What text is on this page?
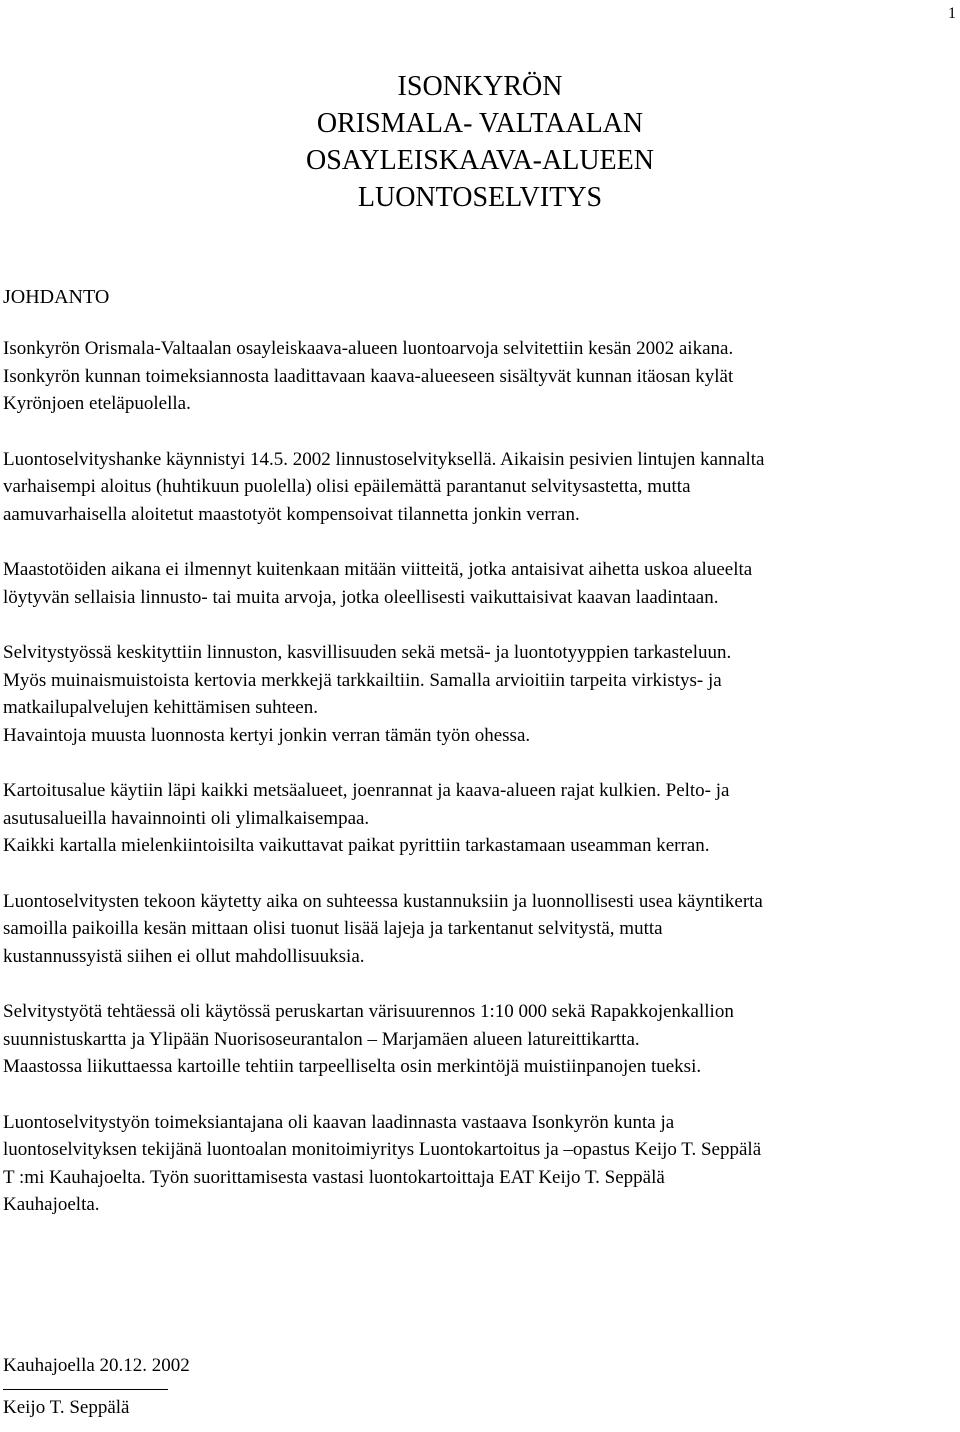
1
ISONKYRÖN
ORISMALA- VALTAALAN
OSAYLEISKAAVA-ALUEEN
LUONTOSELVITYS
JOHDANTO
Isonkyrön Orismala-Valtaalan osayleiskaava-alueen luontoarvoja selvitettiin kesän 2002 aikana.
Isonkyrön kunnan toimeksiannosta laadittavaan kaava-alueeseen sisältyvät kunnan itäosan kylät
Kyrönjoen eteläpuolella.
Luontoselvityshanke käynnistyi 14.5. 2002 linnustoselvityksellä. Aikaisin pesivien lintujen kannalta
varhaisempi aloitus (huhtikuun puolella) olisi epäilemättä parantanut selvitysastetta, mutta
aamuvarhaisella aloitetut maastotyöt kompensoivat tilannetta jonkin verran.
Maastotöiden aikana ei ilmennyt kuitenkaan mitään viitteitä, jotka antaisivat aihetta uskoa alueelta
löytyvän sellaisia linnusto- tai muita arvoja, jotka oleellisesti vaikuttaisivat kaavan laadintaan.
Selvitystyössä keskityttiin linnuston, kasvillisuuden sekä metsä- ja luontotyyppien tarkasteluun.
Myös muinaismuistoista kertovia merkkejä tarkkailtiin. Samalla arvioitiin tarpeita virkistys- ja
matkailupalvelujen kehittämisen suhteen.
Havaintoja muusta luonnosta kertyi jonkin verran tämän työn ohessa.
Kartoitusalue käytiin läpi kaikki metsäalueet, joenrannat ja kaava-alueen rajat kulkien. Pelto- ja
asutusalueilla havainnointi oli ylimalkaisempaa.
Kaikki kartalla mielenkiintoisilta vaikuttavat paikat pyrittiin tarkastamaan useamman kerran.
Luontoselvitysten tekoon käytetty aika on suhteessa kustannuksiin ja luonnollisesti usea käyntikerta
samoilla paikoilla kesän mittaan olisi tuonut lisää lajeja ja tarkentanut selvitystä, mutta
kustannussyistä siihen ei ollut mahdollisuuksia.
Selvitystyötä tehtäessä oli käytössä peruskartan värisuurennos 1:10 000 sekä Rapakkojenkallion
suunnistuskartta ja Ylipään Nuorisoseurantalon – Marjamäen alueen latureittikartta.
Maastossa liikuttaessa kartoille tehtiin tarpeelliselta osin merkintöjä muistiinpanojen tueksi.
Luontoselvitystyön toimeksiantajana oli kaavan laadinnasta vastaava Isonkyrön kunta ja
luontoselvityksen tekijänä luontoalan monitoimiyritys Luontokartoitus ja –opastus Keijo T. Seppälä
T :mi Kauhajoelta. Työn suorittamisesta vastasi luontokartoittaja EAT Keijo T. Seppälä
Kauhajoelta.
Kauhajoella 20.12. 2002
Keijo T. Seppälä
